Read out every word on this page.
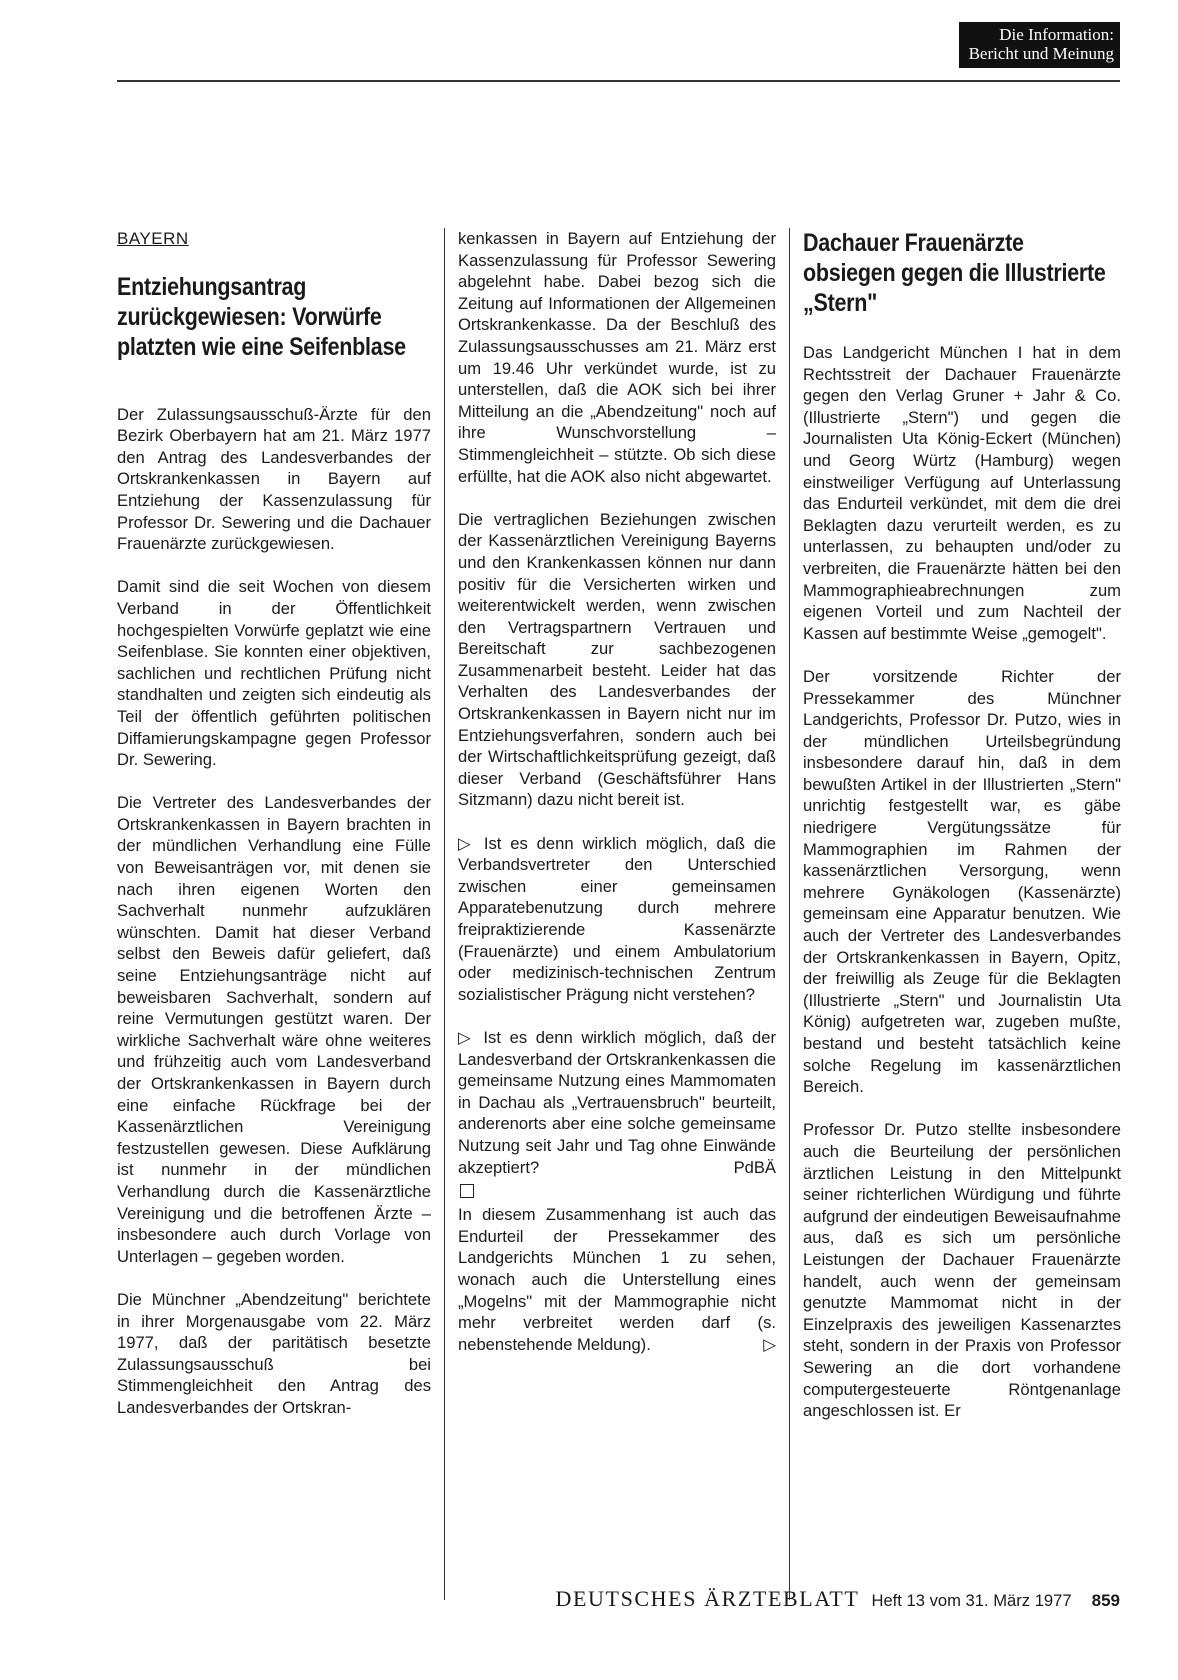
Die Information:
Bericht und Meinung
BAYERN
Entziehungsantrag zurückgewiesen: Vorwürfe platzten wie eine Seifenblase

Der Zulassungsausschuß-Ärzte für den Bezirk Oberbayern hat am 21. März 1977 den Antrag des Landesverbandes der Ortskrankenkassen in Bayern auf Entziehung der Kassenzulassung für Professor Dr. Sewering und die Dachauer Frauenärzte zurückgewiesen.

Damit sind die seit Wochen von diesem Verband in der Öffentlichkeit hochgespielten Vorwürfe geplatzt wie eine Seifenblase. Sie konnten einer objektiven, sachlichen und rechtlichen Prüfung nicht standhalten und zeigten sich eindeutig als Teil der öffentlich geführten politischen Diffamierungskampagne gegen Professor Dr. Sewering.

Die Vertreter des Landesverbandes der Ortskrankenkassen in Bayern brachten in der mündlichen Verhandlung eine Fülle von Beweisanträgen vor, mit denen sie nach ihren eigenen Worten den Sachverhalt nunmehr aufzuklären wünschten. Damit hat dieser Verband selbst den Beweis dafür geliefert, daß seine Entziehungsanträge nicht auf beweisbaren Sachverhalt, sondern auf reine Vermutungen gestützt waren. Der wirkliche Sachverhalt wäre ohne weiteres und frühzeitig auch vom Landesverband der Ortskrankenkassen in Bayern durch eine einfache Rückfrage bei der Kassenärztlichen Vereinigung festzustellen gewesen. Diese Aufklärung ist nunmehr in der mündlichen Verhandlung durch die Kassenärztliche Vereinigung und die betroffenen Ärzte – insbesondere auch durch Vorlage von Unterlagen – gegeben worden.

Die Münchner „Abendzeitung" berichtete in ihrer Morgenausgabe vom 22. März 1977, daß der paritätisch besetzte Zulassungsausschuß bei Stimmengleichheit den Antrag des Landesverbandes der Ortskran-

kenkassen in Bayern auf Entziehung der Kassenzulassung für Professor Sewering abgelehnt habe. Dabei bezog sich die Zeitung auf Informationen der Allgemeinen Ortskrankenkasse. Da der Beschluß des Zulassungsausschusses am 21. März erst um 19.46 Uhr verkündet wurde, ist zu unterstellen, daß die AOK sich bei ihrer Mitteilung an die „Abendzeitung" noch auf ihre Wunschvorstellung – Stimmengleichheit – stützte. Ob sich diese erfüllte, hat die AOK also nicht abgewartet.

Die vertraglichen Beziehungen zwischen der Kassenärztlichen Vereinigung Bayerns und den Krankenkassen können nur dann positiv für die Versicherten wirken und weiterentwickelt werden, wenn zwischen den Vertragspartnern Vertrauen und Bereitschaft zur sachbezogenen Zusammenarbeit besteht. Leider hat das Verhalten des Landesverbandes der Ortskrankenkassen in Bayern nicht nur im Entziehungsverfahren, sondern auch bei der Wirtschaftlichkeitsprüfung gezeigt, daß dieser Verband (Geschäftsführer Hans Sitzmann) dazu nicht bereit ist.

▷ Ist es denn wirklich möglich, daß die Verbandsvertreter den Unterschied zwischen einer gemeinsamen Apparatebenutzung durch mehrere freipraktizierende Kassenärzte (Frauenärzte) und einem Ambulatorium oder medizinisch-technischen Zentrum sozialistischer Prägung nicht verstehen?

▷ Ist es denn wirklich möglich, daß der Landesverband der Ortskrankenkassen die gemeinsame Nutzung eines Mammomaten in Dachau als „Vertrauensbruch" beurteilt, anderenorts aber eine solche gemeinsame Nutzung seit Jahr und Tag ohne Einwände akzeptiert?	PdBÄ

In diesem Zusammenhang ist auch das Endurteil der Pressekammer des Landgerichts München 1 zu sehen, wonach auch die Unterstellung eines „Mogelns" mit der Mammographie nicht mehr verbreitet werden darf (s. nebenstehende Meldung).	▷

Dachauer Frauenärzte obsiegen gegen die Illustrierte „Stern"

Das Landgericht München I hat in dem Rechtsstreit der Dachauer Frauenärzte gegen den Verlag Gruner + Jahr & Co. (Illustrierte „Stern") und gegen die Journalisten Uta König-Eckert (München) und Georg Würtz (Hamburg) wegen einstweiliger Verfügung auf Unterlassung das Endurteil verkündet, mit dem die drei Beklagten dazu verurteilt werden, es zu unterlassen, zu behaupten und/oder zu verbreiten, die Frauenärzte hätten bei den Mammographieabrechnungen zum eigenen Vorteil und zum Nachteil der Kassen auf bestimmte Weise „gemogelt".

Der vorsitzende Richter der Pressekammer des Münchner Landgerichts, Professor Dr. Putzo, wies in der mündlichen Urteilsbegründung insbesondere darauf hin, daß in dem bewußten Artikel in der Illustrierten „Stern" unrichtig festgestellt war, es gäbe niedrigere Vergütungssätze für Mammographien im Rahmen der kassenärztlichen Versorgung, wenn mehrere Gynäkologen (Kassenärzte) gemeinsam eine Apparatur benutzen. Wie auch der Vertreter des Landesverbandes der Ortskrankenkassen in Bayern, Opitz, der freiwillig als Zeuge für die Beklagten (Illustrierte „Stern" und Journalistin Uta König) aufgetreten war, zugeben mußte, bestand und besteht tatsächlich keine solche Regelung im kassenärztlichen Bereich.

Professor Dr. Putzo stellte insbesondere auch die Beurteilung der persönlichen ärztlichen Leistung in den Mittelpunkt seiner richterlichen Würdigung und führte aufgrund der eindeutigen Beweisaufnahme aus, daß es sich um persönliche Leistungen der Dachauer Frauenärzte handelt, auch wenn der gemeinsam genutzte Mammomat nicht in der Einzelpraxis des jeweiligen Kassenarztes steht, sondern in der Praxis von Professor Sewering an die dort vorhandene computergesteuerte Röntgenanlage angeschlossen ist. Er

DEUTSCHES ÄRZTEBLATT Heft 13 vom 31. März 1977 859
